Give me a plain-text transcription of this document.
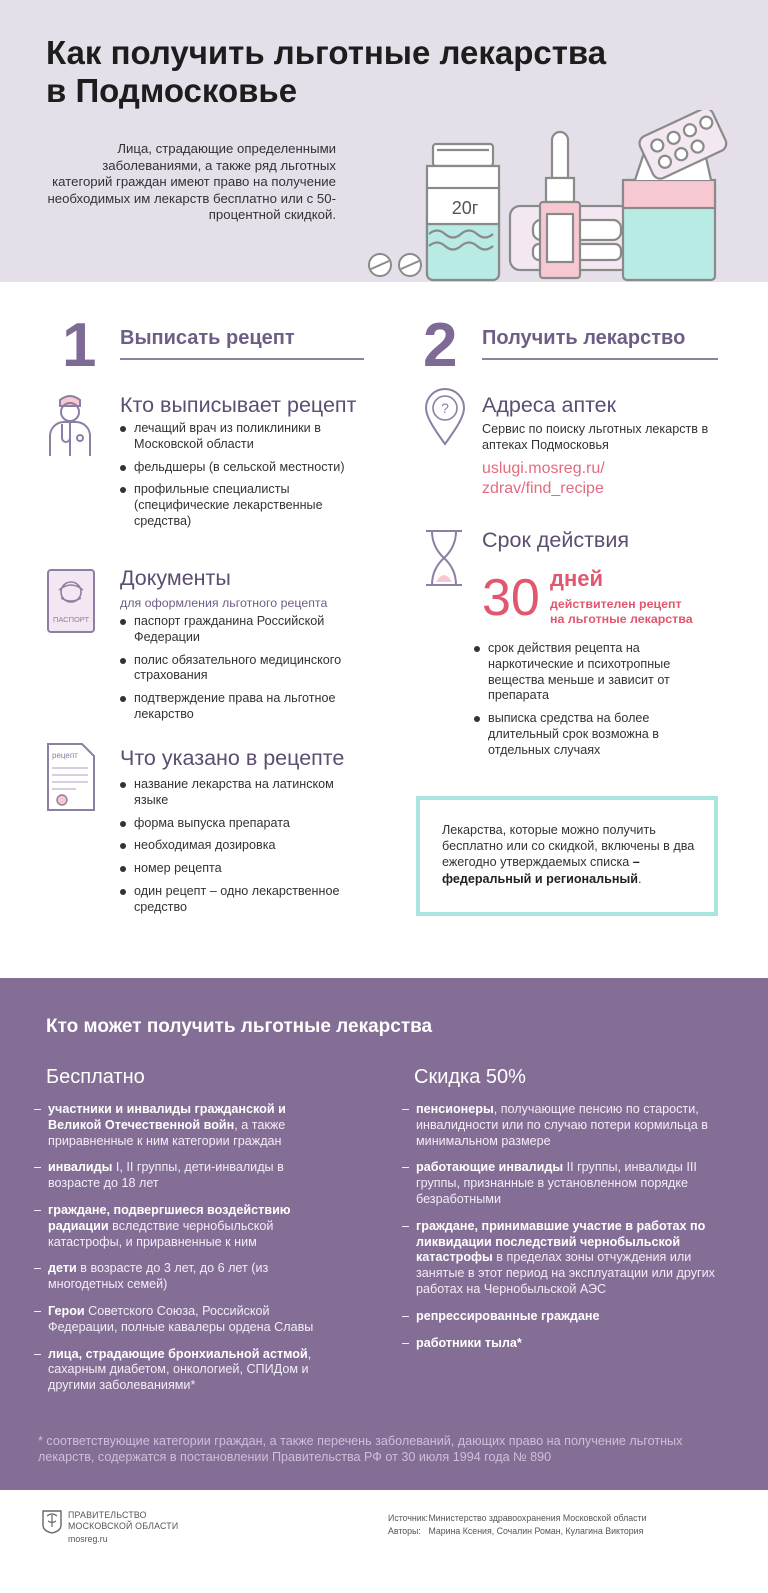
Как получить льготные лекарства
в Подмосковье
Лица, страдающие определенными заболеваниями, а также ряд льготных категорий граждан имеют право на получение необходимых им лекарств бесплатно или с 50-процентной скидкой.	20г
1 Выписать рецепт
Кто выписывает рецепт
лечащий врач из поликлиники в Московской области
фельдшеры (в сельской местности)
профильные специалисты (специфические лекарственные средства)
ПАСПОРТ
Документы
для оформления льготного рецепта
паспорт гражданина Российской Федерации
полис обязательного медицинского страхования
подтверждение права на льготное лекарство
рецепт Что указано в рецепте
название лекарства на латинском языке
форма выпуска препарата
необходимая дозировка
номер рецепта
один рецепт – одно лекарственное средство
2 Получить лекарство
? Адреса аптек
Сервис по поиску льготных лекарств в аптеках Подмосковья
uslugi.mosreg.ru/
zdrav/find_recipe
Срок действия
30 дней
действителен рецепт
на льготные лекарства
срок действия рецепта на наркотические и психотропные вещества меньше и зависит от препарата
выписка средства на более длительный срок возможна в отдельных случаях
Лекарства, которые можно получить бесплатно или со скидкой, включены в два ежегодно утверждаемых списка – федеральный и региональный.
Кто может получить льготные лекарства
Бесплатно
– участники и инвалиды гражданской и Великой Отечественной войн, а также приравненные к ним категории граждан
– инвалиды I, II группы, дети-инвалиды в возрасте до 18 лет
– граждане, подвергшиеся воздействию радиации вследствие чернобыльской катастрофы, и приравненные к ним
– дети в возрасте до 3 лет, до 6 лет (из многодетных семей)
– Герои Советского Союза, Российской Федерации, полные кавалеры ордена Славы
– лица, страдающие бронхиальной астмой, сахарным диабетом, онкологией, СПИДом и другими заболеваниями*
Скидка 50%
– пенсионеры, получающие пенсию по старости, инвалидности или по случаю потери кормильца в минимальном размере
– работающие инвалиды II группы, инвалиды III группы, признанные в установленном порядке безработными
– граждане, принимавшие участие в работах по ликвидации последствий чернобыльской катастрофы в пределах зоны отчуждения или занятые в этот период на эксплуатации или других работах на Чернобыльской АЭС
– репрессированные граждане
– работники тыла*
* соответствующие категории граждан, а также перечень заболеваний, дающих право на получение льготных лекарств, содержатся в постановлении Правительства РФ от 30 июля 1994 года № 890
ПРАВИТЕЛЬСТВО
МОСКОВСКОЙ ОБЛАСТИ
mosreg.ru
Источник: Министерство здравоохранения Московской области
Авторы: Марина Ксения, Сочалин Роман, Кулагина Виктория
